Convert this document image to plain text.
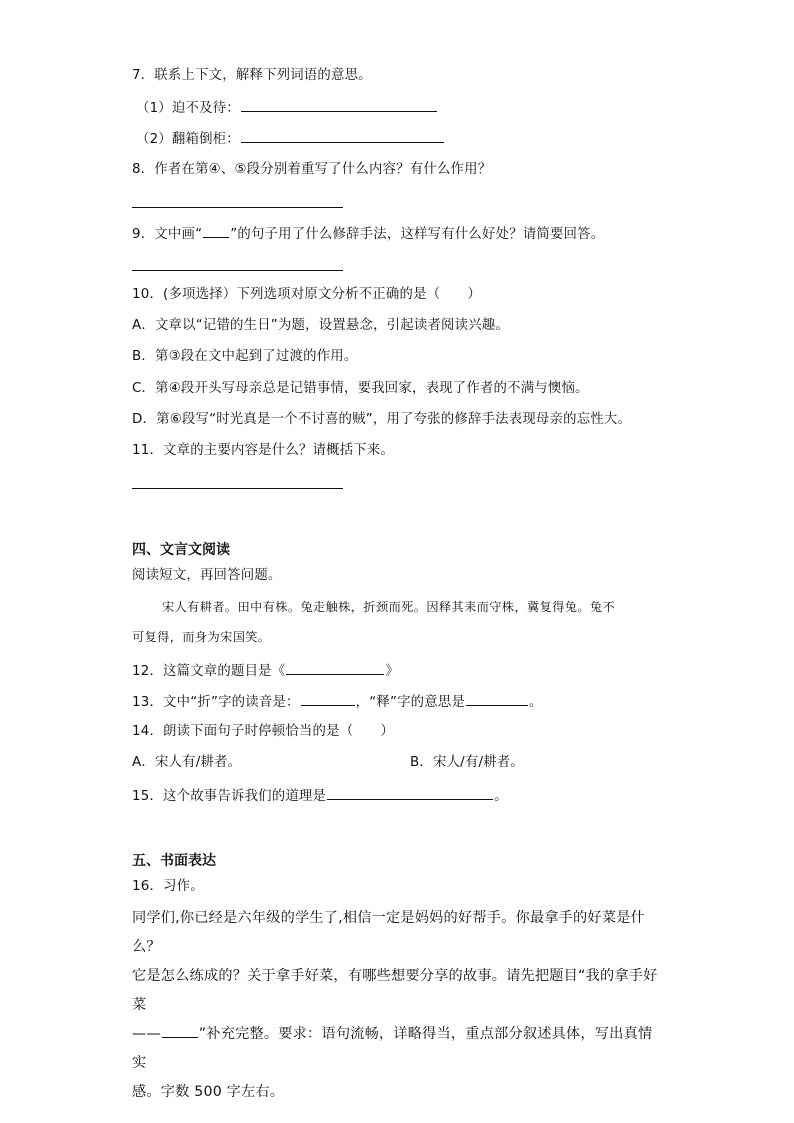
7．联系上下文，解释下列词语的意思。
（1）迫不及待：
（2）翻箱倒柜：
8．作者在第④、⑤段分别着重写了什么内容？有什么作用？
9．文中画“ ”的句子用了什么修辞手法，这样写有什么好处？请简要回答。
10．(多项选择）下列选项对原文分析不正确的是（　　）
A．文章以“记错的生日”为题，设置悬念，引起读者阅读兴趣。
B．第③段在文中起到了过渡的作用。
C．第④段开头写母亲总是记错事情，要我回家，表现了作者的不满与懊恼。
D．第⑥段写“时光真是一个不讨喜的贼”，用了夸张的修辞手法表现母亲的忘性大。
11．文章的主要内容是什么？请概括下来。
四、文言文阅读
阅读短文，再回答问题。
宋人有耕者。田中有株。兔走触株，折颈而死。因释其耒而守株，冀复得兔。兔不
可复得，而身为宋国笑。
12．这篇文章的题目是《	》
13．文中“折”字的读音是：	，“释”字的意思是	。
14．朗读下面句子时停顿恰当的是（　　）
A．宋人有/耕者。	B．宋人/有/耕者。
15．这个故事告诉我们的道理是	。
五、书面表达
16．习作。
同学们,你已经是六年级的学生了,相信一定是妈妈的好帮手。你最拿手的好菜是什么？
它是怎么练成的？关于拿手好菜，有哪些想要分享的故事。请先把题目“我的拿手好菜
——	”补充完整。要求：语句流畅，详略得当，重点部分叙述具体，写出真情实
感。字数 500 字左右。
